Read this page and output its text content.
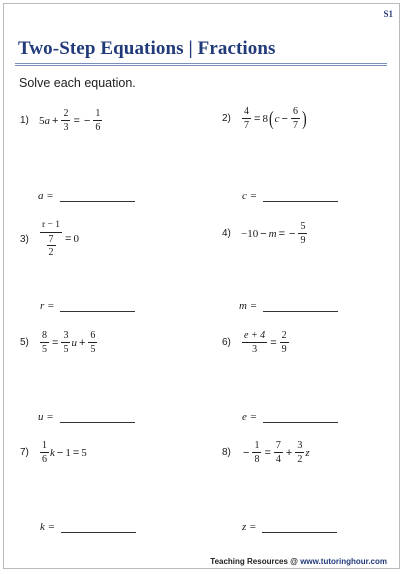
S1
Two-Step Equations | Fractions
Solve each equation.
1) 5 $a + \frac{2}{3}$ = − $\frac{1}{6}$
a =
2)	$\frac{4}{7} = 8$ ( $c - \frac{6}{7}$ )
c =
3)	r − 1
7
2 = 0
r =
4) −10 − m = − $\frac{5}{9}$
m =
5)	$\frac{8}{5} = \frac{3}{5}$ $u + \frac{6}{5}$
u =
6)	$\frac{e + 4}{3} = \frac{2}{9}$
e =
7)	$\frac{1}{6}$ k − 1 = 5
k =
8)	− $\frac{1}{8} = \frac{7}{4} + \frac{3}{2}$ z
z =
Teaching Resources @ www.tutoringhour.com
